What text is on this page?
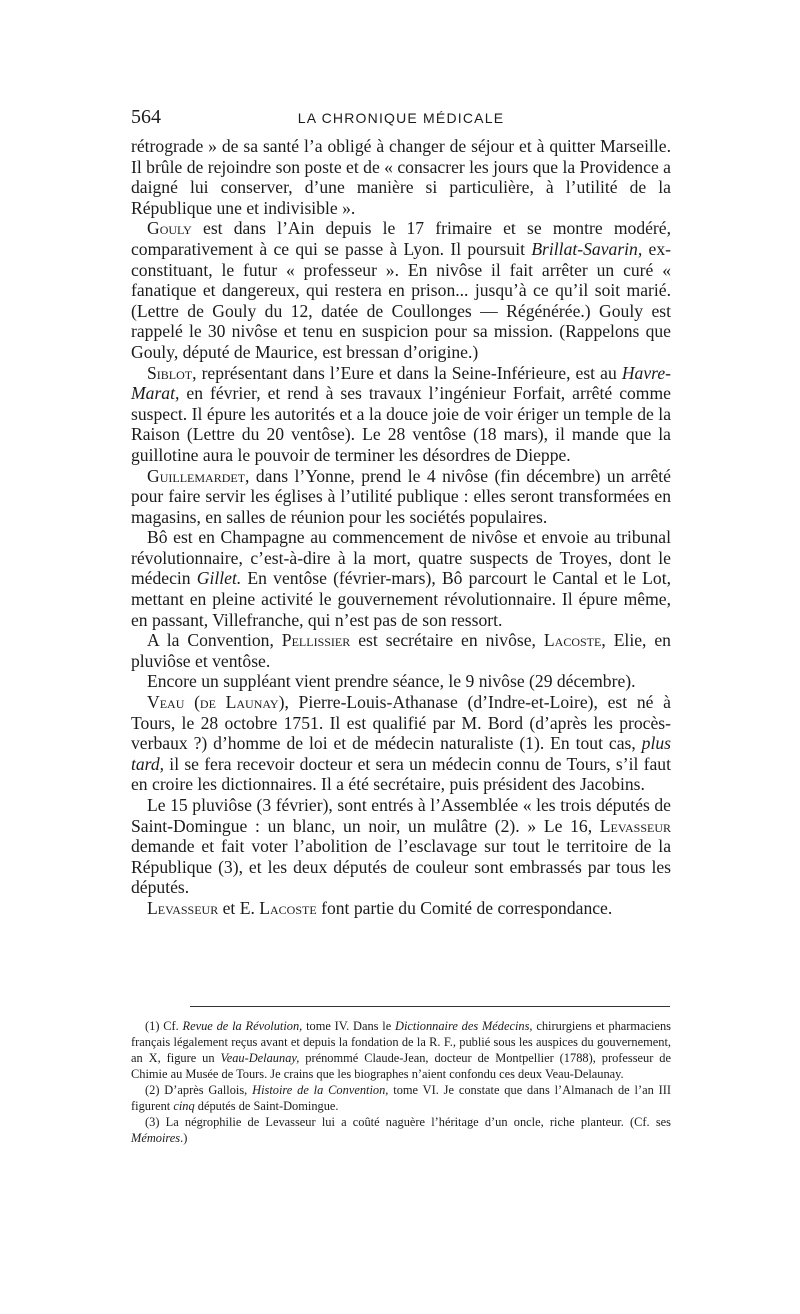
564	LA CHRONIQUE MÉDICALE

rétrograde » de sa santé l’a obligé à changer de séjour et à quitter Marseille. Il brûle de rejoindre son poste et de « consacrer les jours que la Providence a daigné lui conserver, d’une manière si particulière, à l’utilité de la République une et indivisible ».

Gouly est dans l’Ain depuis le 17 frimaire et se montre modéré, comparativement à ce qui se passe à Lyon. Il poursuit Brillat-Savarin, ex-constituant, le futur « professeur ». En nivôse il fait arrêter un curé « fanatique et dangereux, qui restera en prison... jusqu’à ce qu’il soit marié. (Lettre de Gouly du 12, datée de Coullonges — Régénérée.) Gouly est rappelé le 30 nivôse et tenu en suspicion pour sa mission. (Rappelons que Gouly, député de Maurice, est bressan d’origine.)

Siblot, représentant dans l’Eure et dans la Seine-Inférieure, est au Havre-Marat, en février, et rend à ses travaux l’ingénieur Forfait, arrêté comme suspect. Il épure les autorités et a la douce joie de voir ériger un temple de la Raison (Lettre du 20 ventôse). Le 28 ventôse (18 mars), il mande que la guillotine aura le pouvoir de terminer les désordres de Dieppe.

Guillemardet, dans l’Yonne, prend le 4 nivôse (fin décembre) un arrêté pour faire servir les églises à l’utilité publique : elles seront transformées en magasins, en salles de réunion pour les sociétés populaires.

Bô est en Champagne au commencement de nivôse et envoie au tribunal révolutionnaire, c’est-à-dire à la mort, quatre suspects de Troyes, dont le médecin Gillet. En ventôse (février-mars), Bô parcourt le Cantal et le Lot, mettant en pleine activité le gouvernement révolutionnaire. Il épure même, en passant, Villefranche, qui n’est pas de son ressort.

A la Convention, Pellissier est secrétaire en nivôse, Lacoste, Elie, en pluviôse et ventôse.

Encore un suppléant vient prendre séance, le 9 nivôse (29 décembre).

Veau (de Launay), Pierre-Louis-Athanase (d’Indre-et-Loire), est né à Tours, le 28 octobre 1751. Il est qualifié par M. Bord (d’après les procès-verbaux ?) d’homme de loi et de médecin naturaliste (1). En tout cas, plus tard, il se fera recevoir docteur et sera un médecin connu de Tours, s’il faut en croire les dictionnaires. Il a été secrétaire, puis président des Jacobins.

Le 15 pluviôse (3 février), sont entrés à l’Assemblée « les trois députés de Saint-Domingue : un blanc, un noir, un mulâtre (2). » Le 16, Levasseur demande et fait voter l’abolition de l’esclavage sur tout le territoire de la République (3), et les deux députés de couleur sont embrassés par tous les députés.

Levasseur et E. Lacoste font partie du Comité de correspondance.

(1) Cf. Revue de la Révolution, tome IV. Dans le Dictionnaire des Médecins, chirurgiens et pharmaciens français légalement reçus avant et depuis la fondation de la R. F., publié sous les auspices du gouvernement, an X, figure un Veau-Delaunay, prénommé Claude-Jean, docteur de Montpellier (1788), professeur de Chimie au Musée de Tours. Je crains que les biographes n’aient confondu ces deux Veau-Delaunay.

(2) D’après Gallois, Histoire de la Convention, tome VI. Je constate que dans l’Almanach de l’an III figurent cinq députés de Saint-Domingue.

(3) La négrophilie de Levasseur lui a coûté naguère l’héritage d’un oncle, riche planteur. (Cf. ses Mémoires.)
